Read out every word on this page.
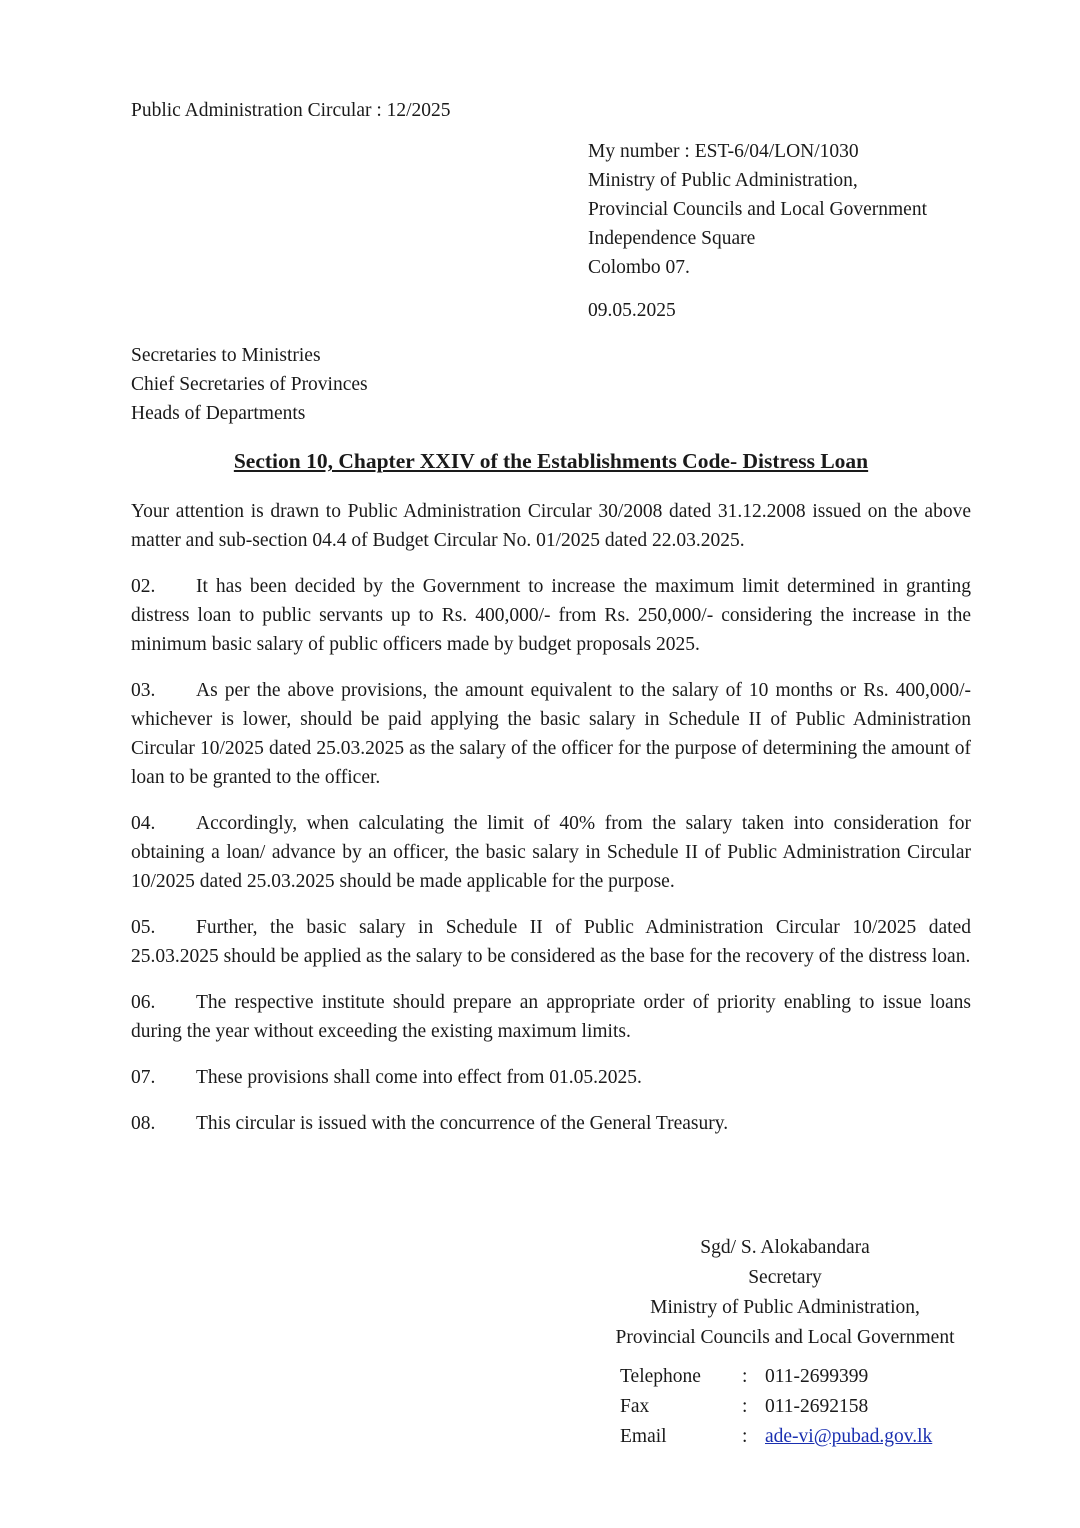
Public Administration Circular : 12/2025
My number : EST-6/04/LON/1030
Ministry of Public Administration,
Provincial Councils and Local Government
Independence Square
Colombo 07.
09.05.2025
Secretaries to Ministries
Chief Secretaries of Provinces
Heads of Departments
Section 10, Chapter XXIV of the Establishments Code- Distress Loan

Your attention is drawn to Public Administration Circular 30/2008 dated 31.12.2008 issued on the above matter and sub-section 04.4 of Budget Circular No. 01/2025 dated 22.03.2025.

02. It has been decided by the Government to increase the maximum limit determined in granting distress loan to public servants up to Rs. 400,000/- from Rs. 250,000/- considering the increase in the minimum basic salary of public officers made by budget proposals 2025.

03. As per the above provisions, the amount equivalent to the salary of 10 months or Rs. 400,000/- whichever is lower, should be paid applying the basic salary in Schedule II of Public Administration Circular 10/2025 dated 25.03.2025 as the salary of the officer for the purpose of determining the amount of loan to be granted to the officer.

04. Accordingly, when calculating the limit of 40% from the salary taken into consideration for obtaining a loan/ advance by an officer, the basic salary in Schedule II of Public Administration Circular 10/2025 dated 25.03.2025 should be made applicable for the purpose.

05. Further, the basic salary in Schedule II of Public Administration Circular 10/2025 dated 25.03.2025 should be applied as the salary to be considered as the base for the recovery of the distress loan.

06. The respective institute should prepare an appropriate order of priority enabling to issue loans during the year without exceeding the existing maximum limits.

07. These provisions shall come into effect from 01.05.2025.

08. This circular is issued with the concurrence of the General Treasury.

Sgd/ S. Alokabandara
Secretary
Ministry of Public Administration,
Provincial Councils and Local Government
Telephone	: 011-2699399
Fax	: 011-2692158
Email	: ade-vi@pubad.gov.lk
